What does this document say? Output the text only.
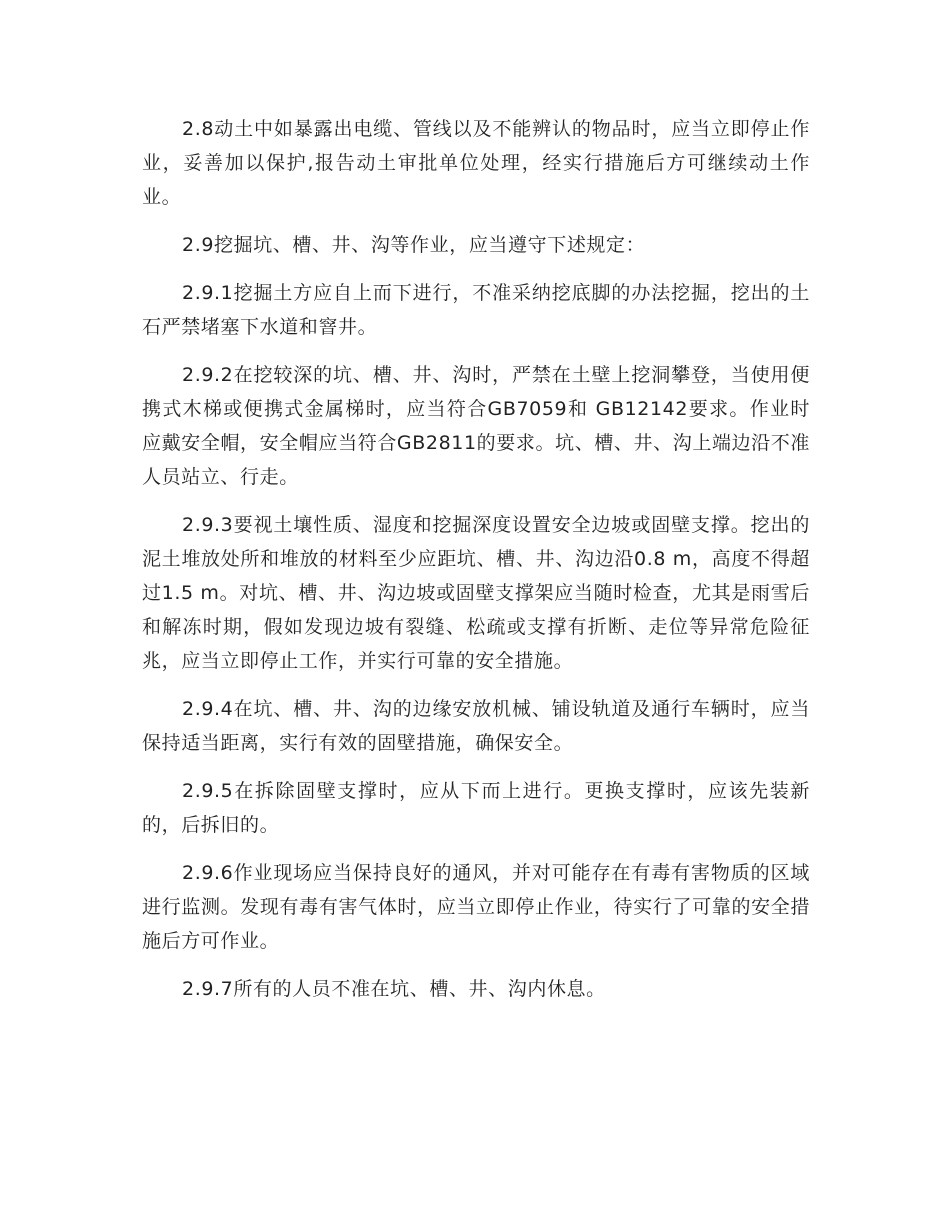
2.8动土中如暴露出电缆、管线以及不能辨认的物品时，应当立即停止作业，妥善加以保护,报告动土审批单位处理，经实行措施后方可继续动土作业。

2.9挖掘坑、槽、井、沟等作业，应当遵守下述规定：

2.9.1挖掘土方应自上而下进行，不准采纳挖底脚的办法挖掘，挖出的土石严禁堵塞下水道和窨井。

2.9.2在挖较深的坑、槽、井、沟时，严禁在土壁上挖洞攀登，当使用便携式木梯或便携式金属梯时，应当符合GB7059和 GB12142要求。作业时应戴安全帽，安全帽应当符合GB2811的要求。坑、槽、井、沟上端边沿不准人员站立、行走。

2.9.3要视土壤性质、湿度和挖掘深度设置安全边坡或固壁支撑。挖出的泥土堆放处所和堆放的材料至少应距坑、槽、井、沟边沿0.8 m，高度不得超过1.5 m。对坑、槽、井、沟边坡或固壁支撑架应当随时检查，尤其是雨雪后和解冻时期，假如发现边坡有裂缝、松疏或支撑有折断、走位等异常危险征兆，应当立即停止工作，并实行可靠的安全措施。

2.9.4在坑、槽、井、沟的边缘安放机械、铺设轨道及通行车辆时，应当保持适当距离，实行有效的固壁措施，确保安全。

2.9.5在拆除固壁支撑时，应从下而上进行。更换支撑时，应该先装新的，后拆旧的。

2.9.6作业现场应当保持良好的通风，并对可能存在有毒有害物质的区域进行监测。发现有毒有害气体时，应当立即停止作业，待实行了可靠的安全措施后方可作业。

2.9.7所有的人员不准在坑、槽、井、沟内休息。
